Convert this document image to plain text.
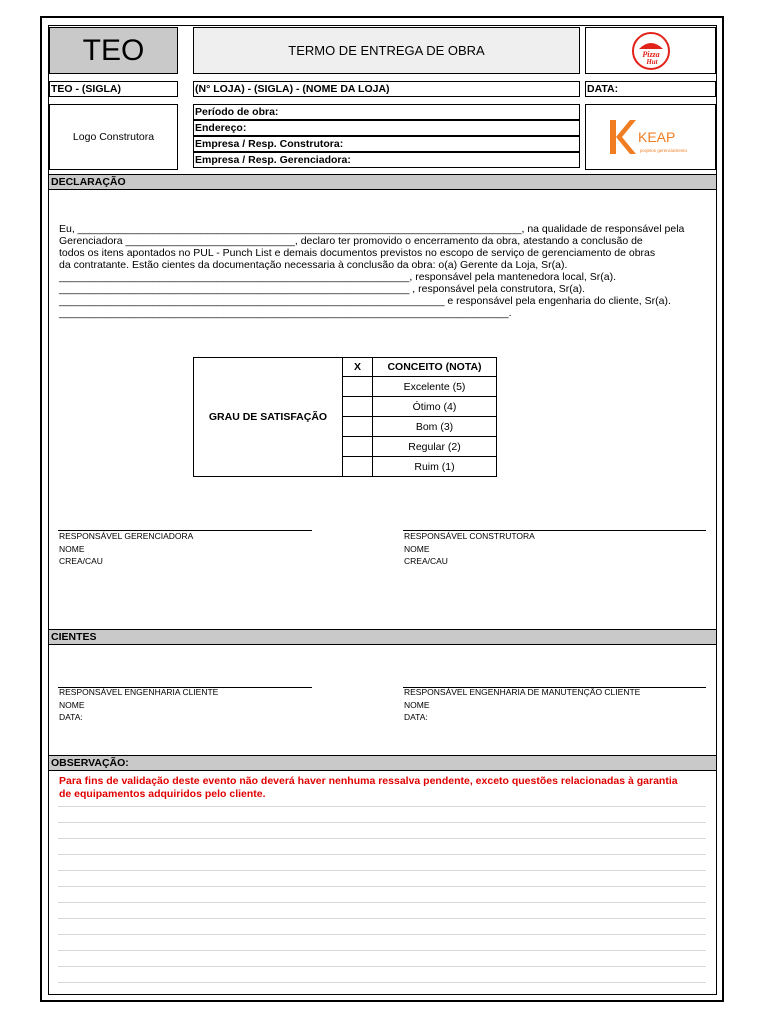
TEO	TERMO DE ENTREGA DE OBRA	Pizza
Hut
TEO - (SIGLA)	(N° LOJA) - (SIGLA) - (NOME DA LOJA)	DATA:
Logo Construtora
Período de obra:
Endereço:
Empresa / Resp. Construtora:
Empresa / Resp. Gerenciadora:
KEAP
projetos gerenciamento
DECLARAÇÃO
Eu, ____________________________________________________________________________, na qualidade de responsável pela
Gerenciadora _____________________________, declaro ter promovido o encerramento da obra, atestando a conclusão de
todos os itens apontados no PUL - Punch List e demais documentos previstos no escopo de serviço de gerenciamento de obras
da contratante. Estão cientes da documentação necessaria à conclusão da obra: o(a) Gerente da Loja, Sr(a).
____________________________________________________________, responsável pela mantenedora local, Sr(a).
____________________________________________________________ , responsável pela construtora, Sr(a).
__________________________________________________________________ e responsável pela engenharia do cliente, Sr(a).
_____________________________________________________________________________.
GRAU DE SATISFAÇÃO
X	CONCEITO (NOTA)
Excelente (5)
Ótimo (4)
Bom (3)
Regular (2)
Ruim (1)
RESPONSÁVEL GERENCIADORA
NOME
CREA/CAU
RESPONSÁVEL CONSTRUTORA
NOME
CREA/CAU
CIENTES
RESPONSÁVEL ENGENHARIA CLIENTE
NOME
DATA:
RESPONSÁVEL ENGENHARIA DE MANUTENÇÃO CLIENTE
NOME
DATA:
OBSERVAÇÃO:
Para fins de validação deste evento não deverá haver nenhuma ressalva pendente, exceto questões relacionadas à garantia
de equipamentos adquiridos pelo cliente.
